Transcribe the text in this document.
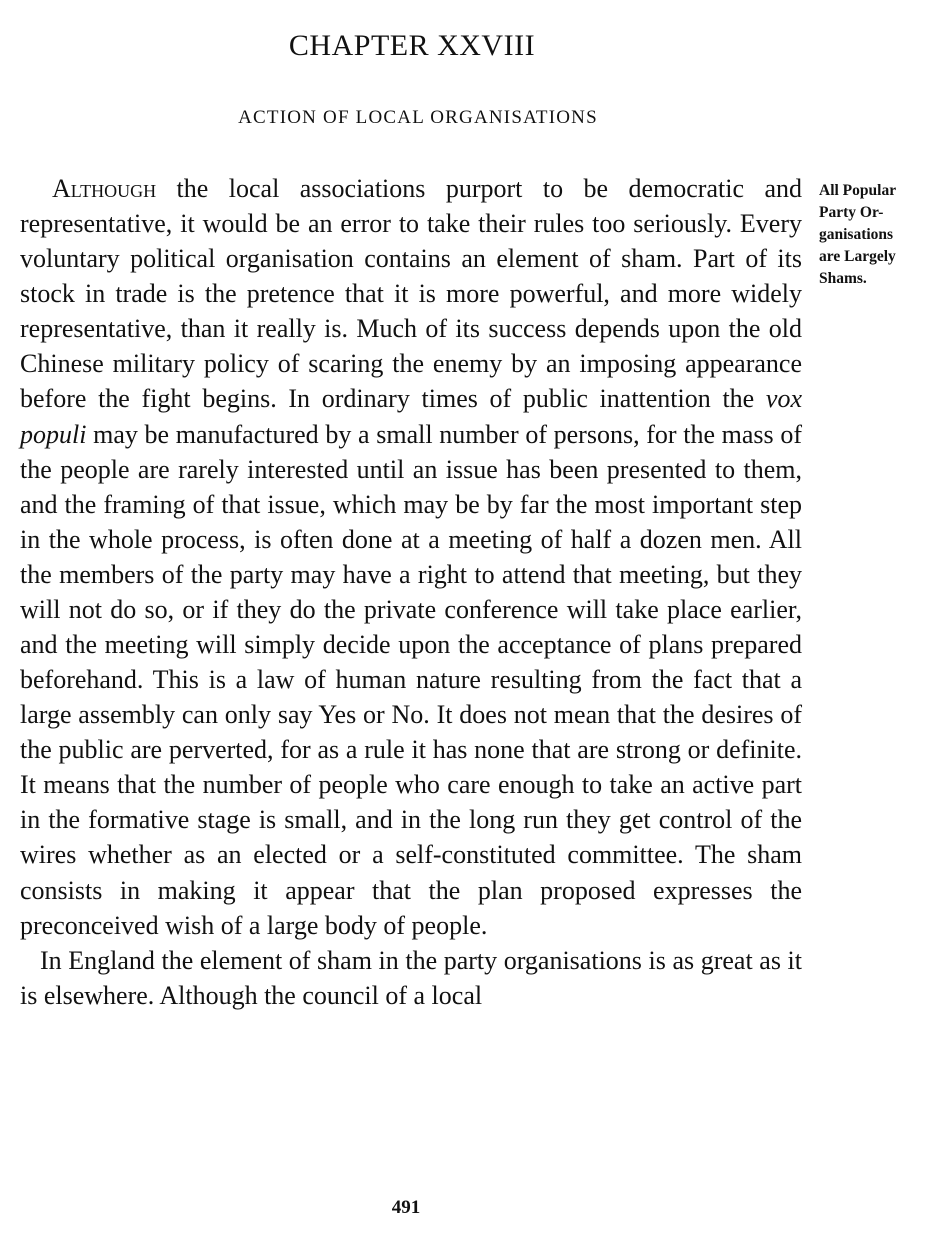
CHAPTER XXVIII
ACTION OF LOCAL ORGANISATIONS
All Popular
Party Or-
ganisations
are Largely
Shams.

Although the local associations purport to be democratic and representative, it would be an error to take their rules too seriously. Every voluntary political organisation contains an element of sham. Part of its stock in trade is the pretence that it is more powerful, and more widely representative, than it really is. Much of its success depends upon the old Chinese military policy of scaring the enemy by an imposing appearance before the fight begins. In ordinary times of public inattention the vox populi may be manufactured by a small number of persons, for the mass of the people are rarely interested until an issue has been presented to them, and the framing of that issue, which may be by far the most important step in the whole process, is often done at a meeting of half a dozen men. All the members of the party may have a right to attend that meeting, but they will not do so, or if they do the private conference will take place earlier, and the meeting will simply decide upon the acceptance of plans prepared beforehand. This is a law of human nature resulting from the fact that a large assembly can only say Yes or No. It does not mean that the desires of the public are perverted, for as a rule it has none that are strong or definite. It means that the number of people who care enough to take an active part in the formative stage is small, and in the long run they get control of the wires whether as an elected or a self-constituted committee. The sham consists in making it appear that the plan proposed expresses the preconceived wish of a large body of people.

In England the element of sham in the party organisations is as great as it is elsewhere. Although the council of a local

491
